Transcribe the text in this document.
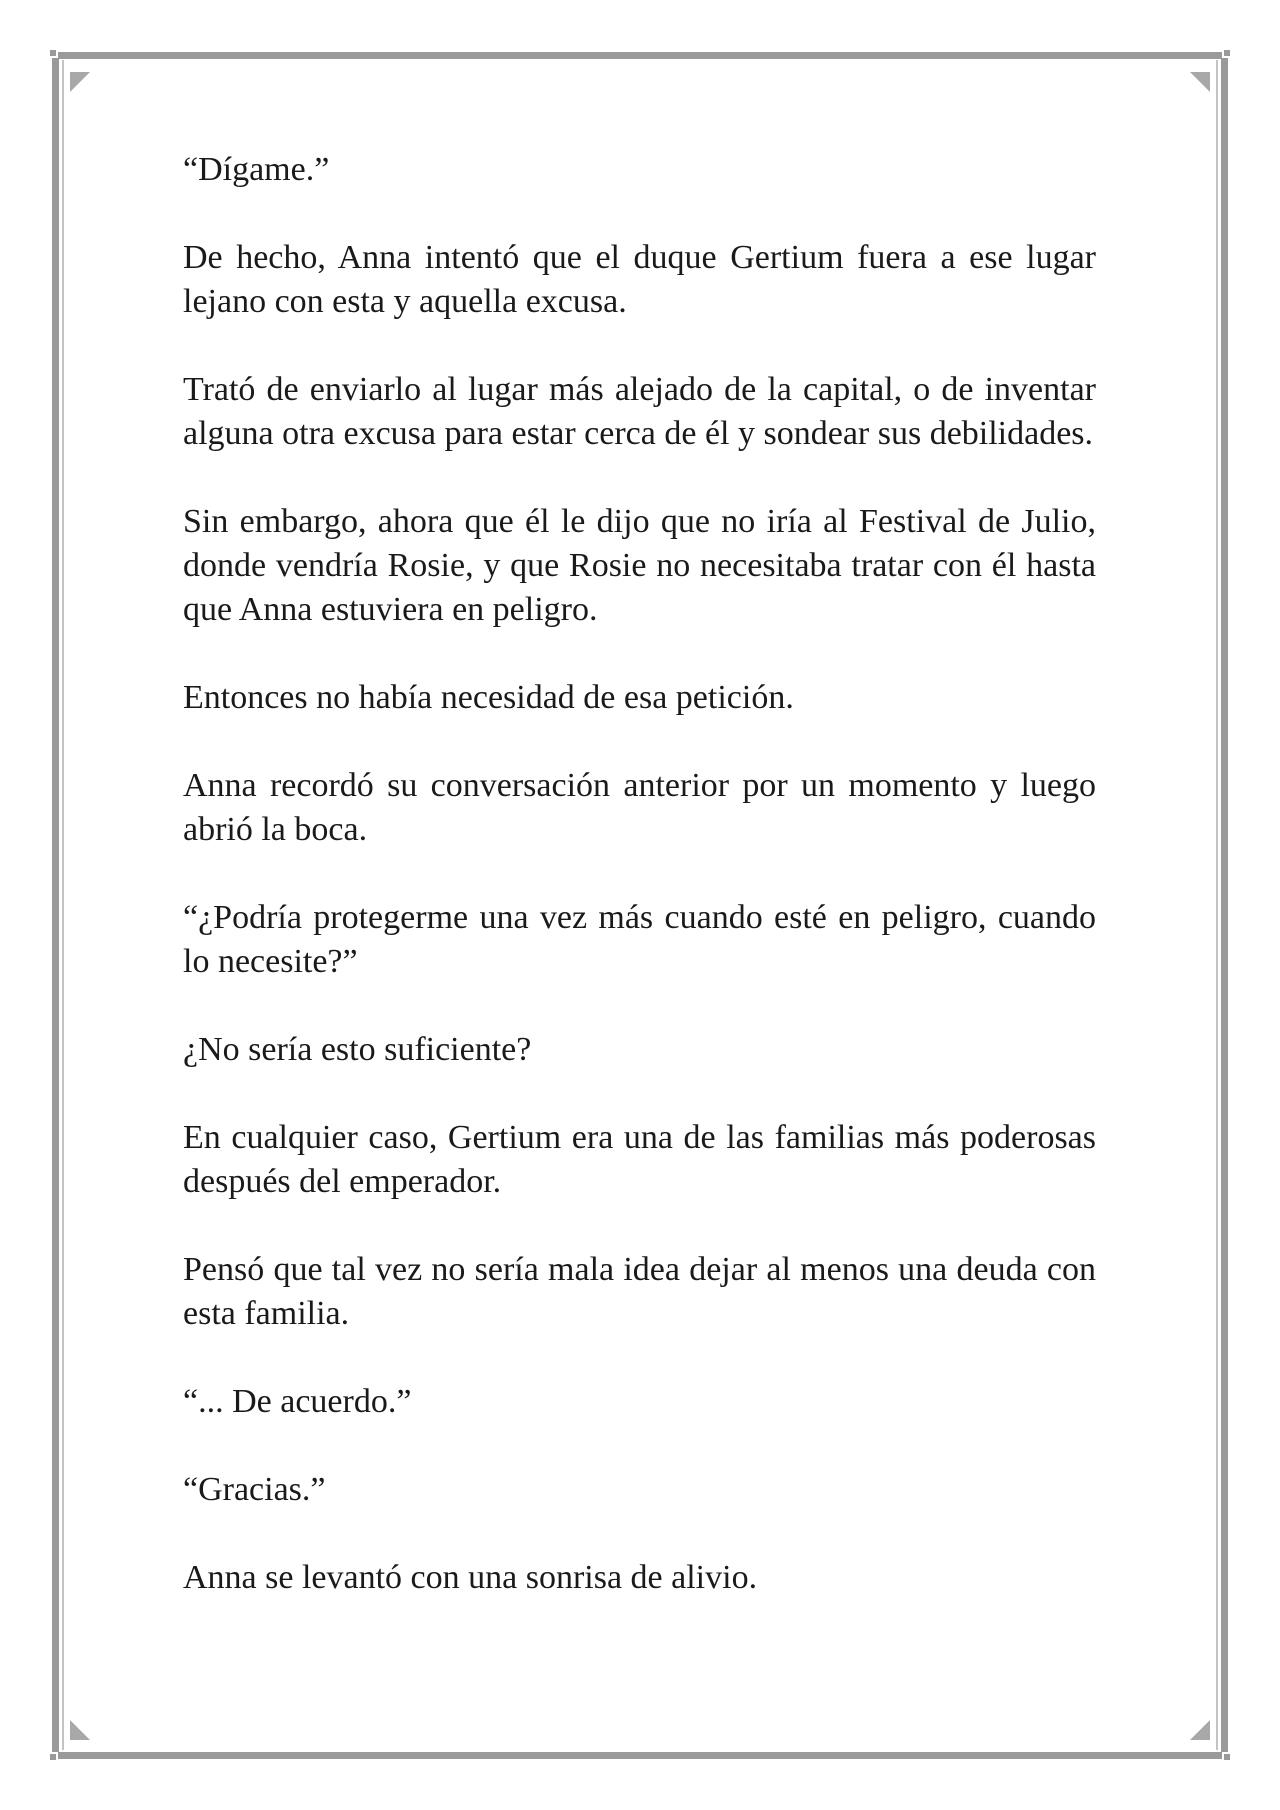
“Dígame.”

De hecho, Anna intentó que el duque Gertium fuera a ese lugar lejano con esta y aquella excusa.

Trató de enviarlo al lugar más alejado de la capital, o de inventar alguna otra excusa para estar cerca de él y sondear sus debilidades.

Sin embargo, ahora que él le dijo que no iría al Festival de Julio, donde vendría Rosie, y que Rosie no necesitaba tratar con él hasta que Anna estuviera en peligro.

Entonces no había necesidad de esa petición.

Anna recordó su conversación anterior por un momento y luego abrió la boca.

“¿Podría protegerme una vez más cuando esté en peligro, cuando lo necesite?”

¿No sería esto suficiente?

En cualquier caso, Gertium era una de las familias más poderosas después del emperador.

Pensó que tal vez no sería mala idea dejar al menos una deuda con esta familia.

“... De acuerdo.”

“Gracias.”

Anna se levantó con una sonrisa de alivio.
